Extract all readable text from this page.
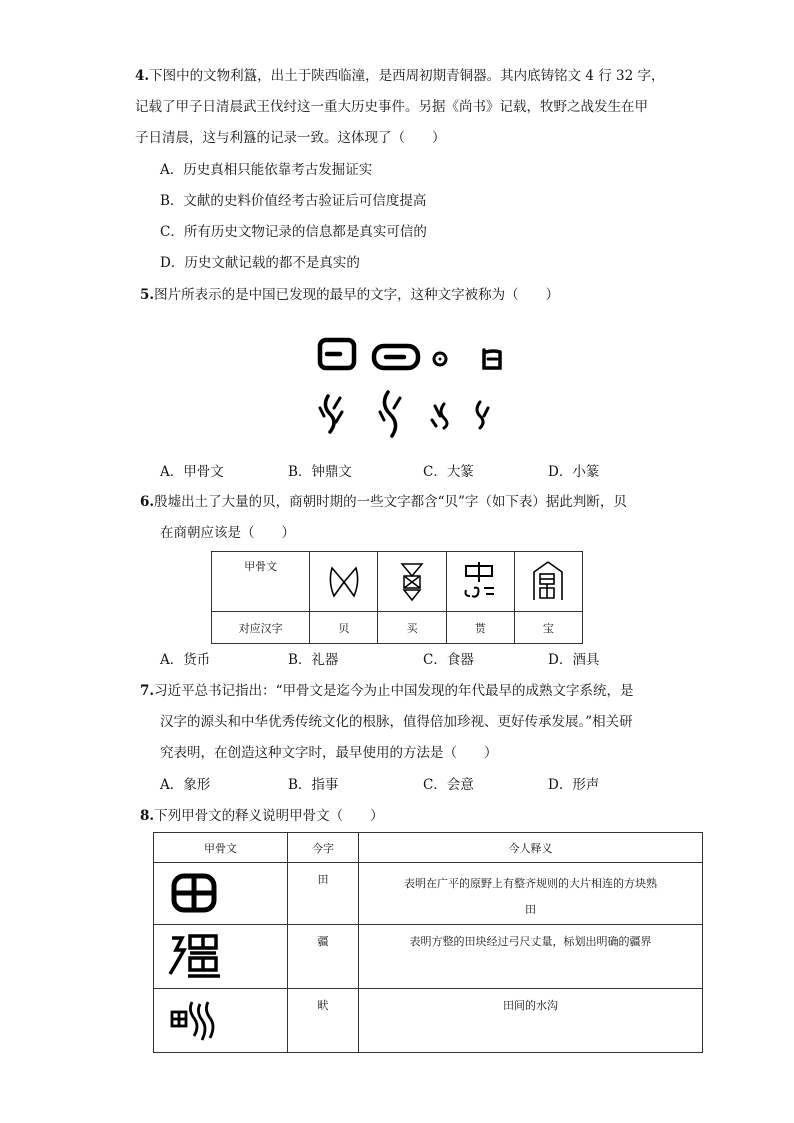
4.下图中的文物利簋，出土于陕西临潼，是西周初期青铜器。其内底铸铭文 4 行 32 字，
记载了甲子日清晨武王伐纣这一重大历史事件。另据《尚书》记载，牧野之战发生在甲
子日清晨，这与利簋的记录一致。这体现了（　　）
A．历史真相只能依靠考古发掘证实
B．文献的史料价值经考古验证后可信度提高
C．所有历史文物记录的信息都是真实可信的
D．历史文献记载的都不是真实的
5.图片所表示的是中国已发现的最早的文字，这种文字被称为（　　）
A．甲骨文	B．钟鼎文	C．大篆	D．小篆
6.殷墟出土了大量的贝，商朝时期的一些文字都含“贝”字（如下表）据此判断，贝
在商朝应该是（　　）
甲骨文	

对应汉字	贝	买	贳	宝
A．货币	B．礼器	C．食器	D．酒具
7.习近平总书记指出：“甲骨文是迄今为止中国发现的年代最早的成熟文字系统，是
汉字的源头和中华优秀传统文化的根脉，值得倍加珍视、更好传承发展。”相关研
究表明，在创造这种文字时，最早使用的方法是（　　）
A．象形	B．指事	C．会意	D．形声
8.下列甲骨文的释义说明甲骨文（　　）
甲骨文	今字	今人释义

	田	表明在广平的原野上有整齐规则的大片相连的方块熟
田

	疆	表明方整的田块经过弓尺丈量，标划出明确的疆界

	畎	田间的水沟
